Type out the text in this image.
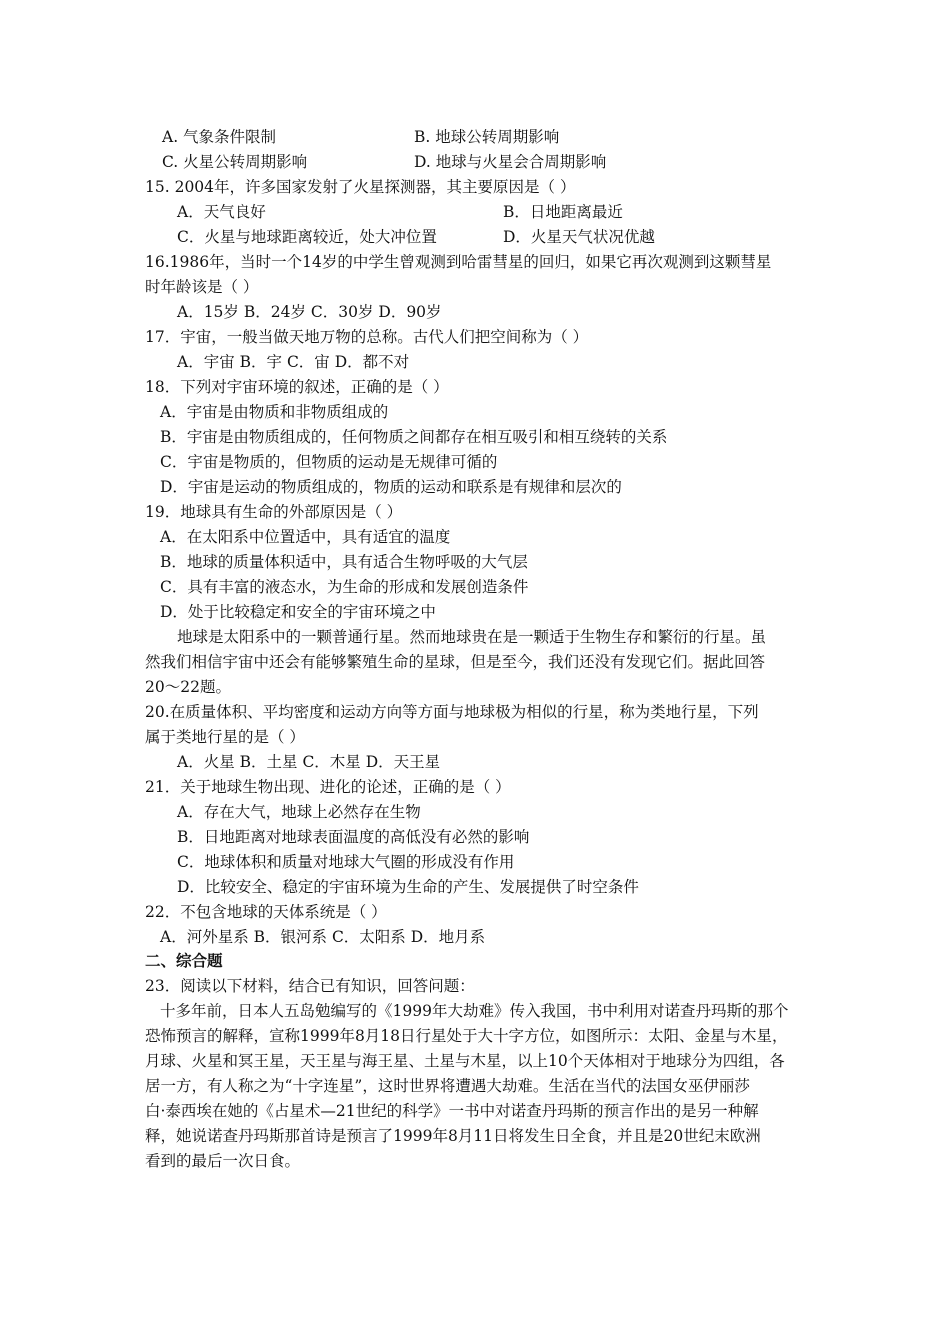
A. 气象条件限制	B. 地球公转周期影响
C. 火星公转周期影响	D. 地球与火星会合周期影响
15. 2004年，许多国家发射了火星探测器，其主要原因是（ ）
A．天气良好	B．日地距离最近
C．火星与地球距离较近，处大冲位置	D．火星天气状况优越
16.1986年，当时一个14岁的中学生曾观测到哈雷彗星的回归，如果它再次观测到这颗彗星
时年龄该是（ ）
A．15岁 B．24岁 C．30岁 D．90岁
17．宇宙，一般当做天地万物的总称。古代人们把空间称为（ ）
A．宇宙 B．宇 C．宙 D．都不对
18．下列对宇宙环境的叙述，正确的是（ ）
A．宇宙是由物质和非物质组成的
B．宇宙是由物质组成的，任何物质之间都存在相互吸引和相互绕转的关系
C．宇宙是物质的，但物质的运动是无规律可循的
D．宇宙是运动的物质组成的，物质的运动和联系是有规律和层次的
19．地球具有生命的外部原因是（ ）
A．在太阳系中位置适中，具有适宜的温度
B．地球的质量体积适中，具有适合生物呼吸的大气层
C．具有丰富的液态水，为生命的形成和发展创造条件
D．处于比较稳定和安全的宇宙环境之中
地球是太阳系中的一颗普通行星。然而地球贵在是一颗适于生物生存和繁衍的行星。虽
然我们相信宇宙中还会有能够繁殖生命的星球，但是至今，我们还没有发现它们。据此回答
20～22题。
20.在质量体积、平均密度和运动方向等方面与地球极为相似的行星，称为类地行星，下列
属于类地行星的是（ ）
A．火星 B．土星 C．木星 D．天王星
21．关于地球生物出现、进化的论述，正确的是（ ）
A．存在大气，地球上必然存在生物
B．日地距离对地球表面温度的高低没有必然的影响
C．地球体积和质量对地球大气圈的形成没有作用
D．比较安全、稳定的宇宙环境为生命的产生、发展提供了时空条件
22．不包含地球的天体系统是（ ）
A．河外星系 B．银河系 C．太阳系 D．地月系
二、综合题
23．阅读以下材料，结合已有知识，回答问题：
十多年前，日本人五岛勉编写的《1999年大劫难》传入我国，书中利用对诺查丹玛斯的那个
恐怖预言的解释，宣称1999年8月18日行星处于大十字方位，如图所示：太阳、金星与木星，
月球、火星和冥王星，天王星与海王星、土星与木星，以上10个天体相对于地球分为四组，各
居一方，有人称之为“十字连星”，这时世界将遭遇大劫难。生活在当代的法国女巫伊丽莎
白·泰西埃在她的《占星术—21世纪的科学》一书中对诺查丹玛斯的预言作出的是另一种解
释，她说诺查丹玛斯那首诗是预言了1999年8月11日将发生日全食，并且是20世纪末欧洲
看到的最后一次日食。
